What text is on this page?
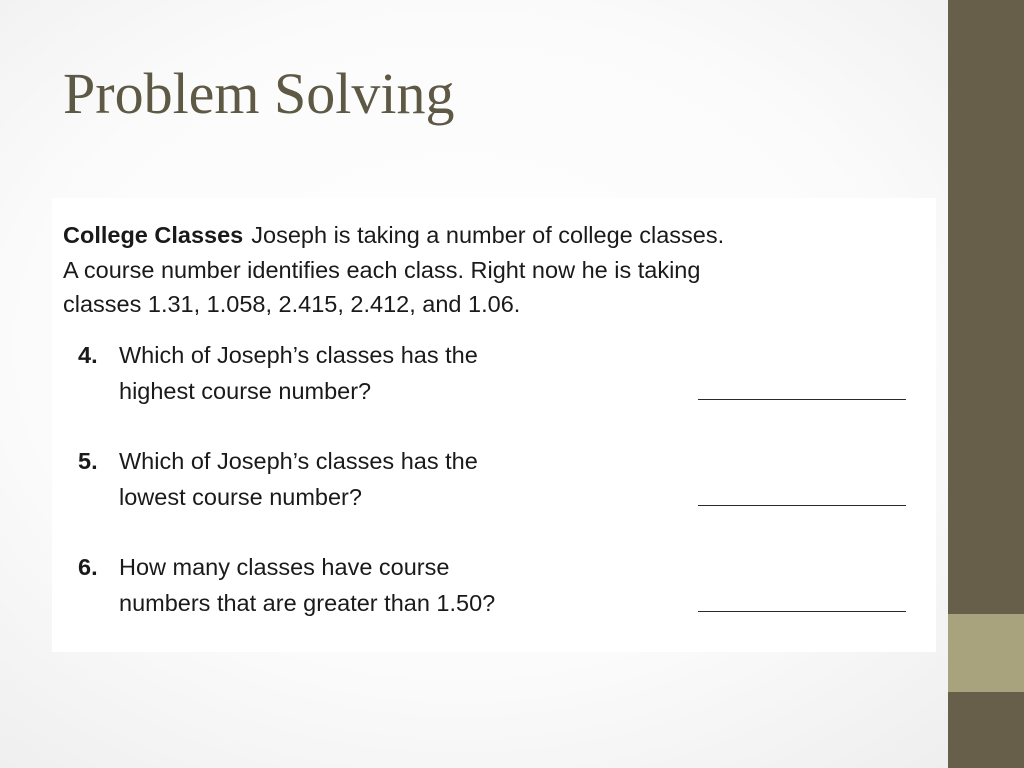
Problem Solving

College Classes Joseph is taking a number of college classes.
A course number identifies each class. Right now he is taking
classes 1.31, 1.058, 2.415, 2.412, and 1.06.

4. Which of Joseph’s classes has the
highest course number?
5. Which of Joseph’s classes has the
lowest course number?
6. How many classes have course
numbers that are greater than 1.50?
